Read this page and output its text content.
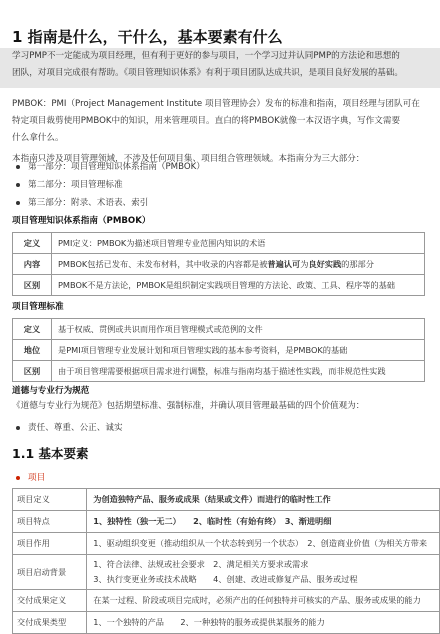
1 指南是什么，干什么，基本要素有什么
学习PMP不一定能成为项目经理，但有利于更好的参与项目，一个学习过并认同PMP的方法论和思想的
团队，对项目完成很有帮助。《项目管理知识体系》有利于项目团队达成共识，是项目良好发展的基础。
PMBOK：PMI（Project Management Institute 项目管理协会）发布的标准和指南，项目经理与团队可在
特定项目裁剪使用PMBOK中的知识，用来管理项目。直白的将PMBOK就像一本汉语字典，写作文需要
什么拿什么。
本指南只涉及项目管理领域，不涉及任何项目集、项目组合管理领域。本指南分为三大部分：
第一部分：项目管理知识体系指南（PMBOK）
第二部分：项目管理标准
第三部分：附录、术语表、索引
项目管理知识体系指南（PMBOK）
定义	PMI定义：PMBOK为描述项目管理专业范围内知识的术语
内容	PMBOK包括已发布、未发布材料，其中收录的内容都是被普遍认可为良好实践的那部分
区别	PMBOK不是方法论，PMBOK是组织制定实践项目管理的方法论、政策、工具、程序等的基础
项目管理标准
定义	基于权威、贯例或共识而用作项目管理模式或范例的文件
地位	是PMI项目管理专业发展计划和项目管理实践的基本参考资料，是PMBOK的基础
区别	由于项目管理需要根据项目需求进行调整，标准与指南均基于描述性实践，而非规范性实践
道德与专业行为规范
《道德与专业行为规范》包括期望标准、强制标准，并确认项目管理最基础的四个价值观为：
责任、尊重、公正、诚实
1.1 基本要素
项目
项目定义	为创造独特产品、服务或成果（结果或文件）而进行的临时性工作
项目特点	1、独特性（独一无二）　　2、临时性（有始有终）　3、渐进明细
项目作用	1、驱动组织变更（推动组织从一个状态转到另一个状态）　2、创造商业价值（为相关方带来
项目启动背景	1、符合法律、法规或社会要求　2、满足相关方要求或需求
3、执行变更业务或技术战略　　4、创建、改进或修复产品、服务或过程

交付成果定义	在某一过程、阶段或项目完成时，必须产出的任何独特并可核实的产品、服务或成果的能力
交付成果类型	1、一个独特的产品　　2、一种独特的服务或提供某服务的能力
